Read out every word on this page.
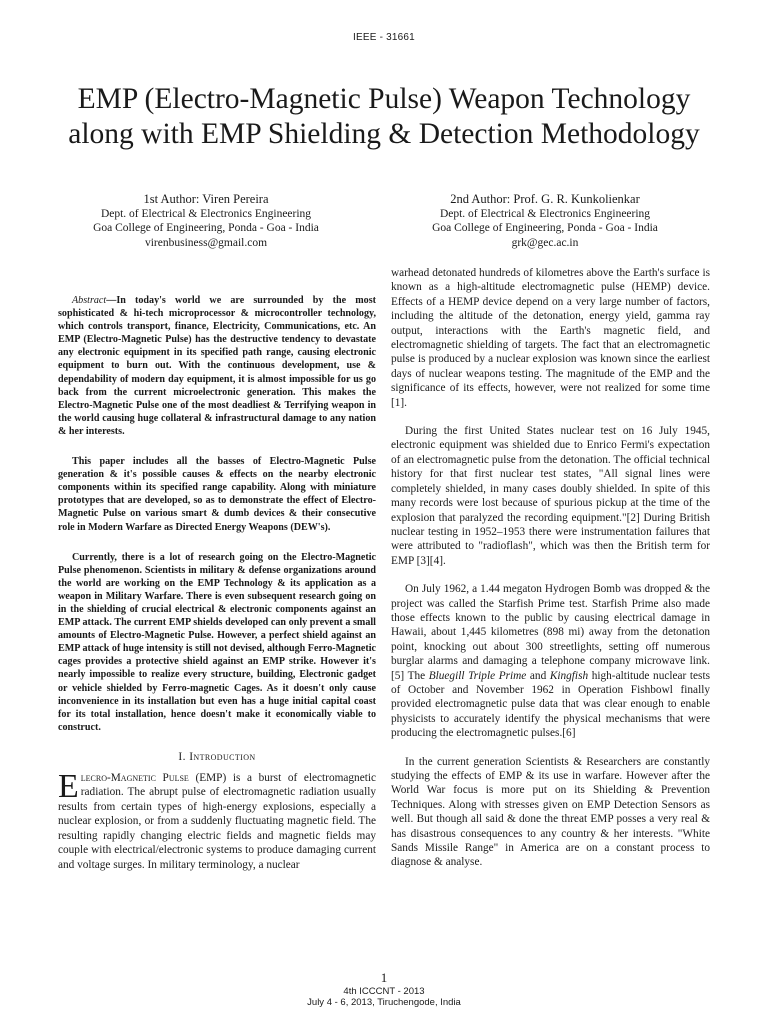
IEEE - 31661
EMP (Electro-Magnetic Pulse) Weapon Technology along with EMP Shielding & Detection Methodology
1st Author: Viren Pereira
Dept. of Electrical & Electronics Engineering
Goa College of Engineering, Ponda - Goa - India
virenbusiness@gmail.com
2nd Author: Prof. G. R. Kunkolienkar
Dept. of Electrical & Electronics Engineering
Goa College of Engineering, Ponda - Goa - India
grk@gec.ac.in

Abstract—In today's world we are surrounded by the most sophisticated & hi-tech microprocessor & microcontroller technology, which controls transport, finance, Electricity, Communications, etc. An EMP (Electro-Magnetic Pulse) has the destructive tendency to devastate any electronic equipment in its specified path range, causing electronic equipment to burn out. With the continuous development, use & dependability of modern day equipment, it is almost impossible for us go back from the current microelectronic generation. This makes the Electro-Magnetic Pulse one of the most deadliest & Terrifying weapon in the world causing huge collateral & infrastructural damage to any nation & her interests.

This paper includes all the basses of Electro-Magnetic Pulse generation & it's possible causes & effects on the nearby electronic components within its specified range capability. Along with miniature prototypes that are developed, so as to demonstrate the effect of Electro-Magnetic Pulse on various smart & dumb devices & their consecutive role in Modern Warfare as Directed Energy Weapons (DEW's).

Currently, there is a lot of research going on the Electro-Magnetic Pulse phenomenon. Scientists in military & defense organizations around the world are working on the EMP Technology & its application as a weapon in Military Warfare. There is even subsequent research going on in the shielding of crucial electrical & electronic components against an EMP attack. The current EMP shields developed can only prevent a small amounts of Electro-Magnetic Pulse. However, a perfect shield against an EMP attack of huge intensity is still not devised, although Ferro-Magnetic cages provides a protective shield against an EMP strike. However it's nearly impossible to realize every structure, building, Electronic gadget or vehicle shielded by Ferro-magnetic Cages. As it doesn't only cause inconvenience in its installation but even has a huge initial capital coast for its total installation, hence doesn't make it economically viable to construct.

I. Introduction

Elecro-Magnetic Pulse (EMP) is a burst of electromagnetic radiation. The abrupt pulse of electromagnetic radiation usually results from certain types of high-energy explosions, especially a nuclear explosion, or from a suddenly fluctuating magnetic field. The resulting rapidly changing electric fields and magnetic fields may couple with electrical/electronic systems to produce damaging current and voltage surges. In military terminology, a nuclear

warhead detonated hundreds of kilometres above the Earth's surface is known as a high-altitude electromagnetic pulse (HEMP) device. Effects of a HEMP device depend on a very large number of factors, including the altitude of the detonation, energy yield, gamma ray output, interactions with the Earth's magnetic field, and electromagnetic shielding of targets. The fact that an electromagnetic pulse is produced by a nuclear explosion was known since the earliest days of nuclear weapons testing. The magnitude of the EMP and the significance of its effects, however, were not realized for some time [1].

During the first United States nuclear test on 16 July 1945, electronic equipment was shielded due to Enrico Fermi's expectation of an electromagnetic pulse from the detonation. The official technical history for that first nuclear test states, "All signal lines were completely shielded, in many cases doubly shielded. In spite of this many records were lost because of spurious pickup at the time of the explosion that paralyzed the recording equipment."[2] During British nuclear testing in 1952–1953 there were instrumentation failures that were attributed to "radioflash", which was then the British term for EMP [3][4].

On July 1962, a 1.44 megaton Hydrogen Bomb was dropped & the project was called the Starfish Prime test. Starfish Prime also made those effects known to the public by causing electrical damage in Hawaii, about 1,445 kilometres (898 mi) away from the detonation point, knocking out about 300 streetlights, setting off numerous burglar alarms and damaging a telephone company microwave link.[5] The Bluegill Triple Prime and Kingfish high-altitude nuclear tests of October and November 1962 in Operation Fishbowl finally provided electromagnetic pulse data that was clear enough to enable physicists to accurately identify the physical mechanisms that were producing the electromagnetic pulses.[6]

In the current generation Scientists & Researchers are constantly studying the effects of EMP & its use in warfare. However after the World War focus is more put on its Shielding & Prevention Techniques. Along with stresses given on EMP Detection Sensors as well. But though all said & done the threat EMP posses a very real & has disastrous consequences to any country & her interests. "White Sands Missile Range" in America are on a constant process to diagnose & analyse.

1
4th ICCCNT - 2013
July 4 - 6, 2013, Tiruchengode, India
